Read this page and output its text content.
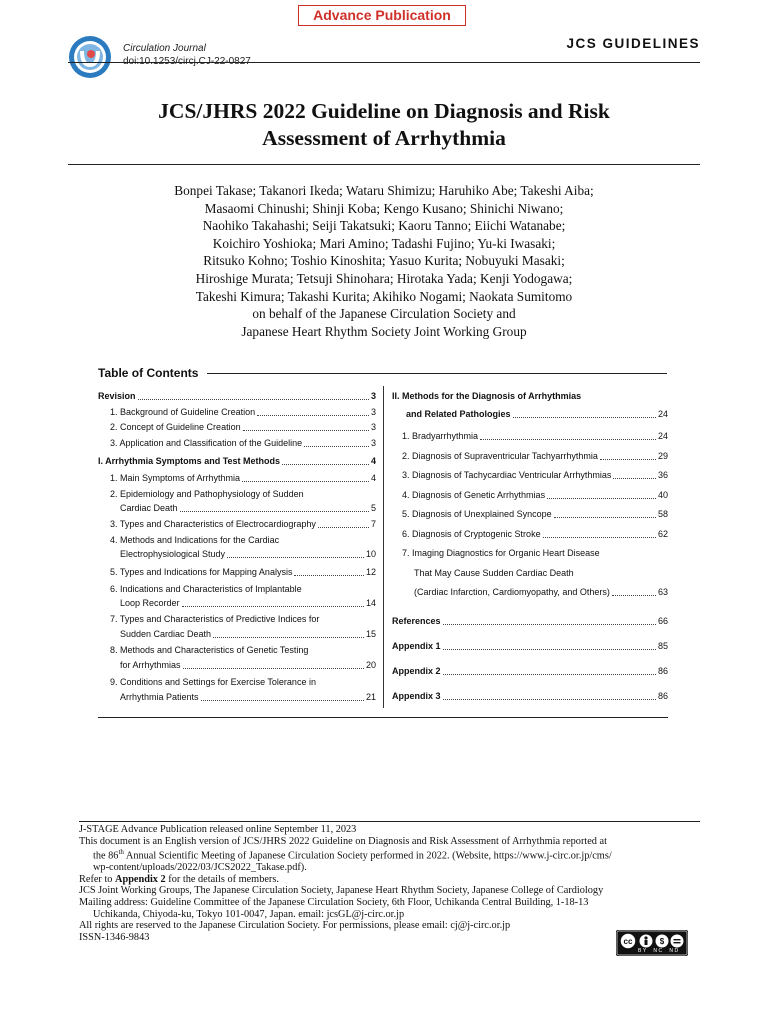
Advance Publication
Circulation Journal	JCS GUIDELINES
JCS/JHRS 2022 Guideline on Diagnosis and Risk
Assessment of Arrhythmia
Bonpei Takase; Takanori Ikeda; Wataru Shimizu; Haruhiko Abe; Takeshi Aiba;
Masaomi Chinushi; Shinji Koba; Kengo Kusano; Shinichi Niwano;
Naohiko Takahashi; Seiji Takatsuki; Kaoru Tanno; Eiichi Watanabe;
Koichiro Yoshioka; Mari Amino; Tadashi Fujino; Yu-ki Iwasaki;
Ritsuko Kohno; Toshio Kinoshita; Yasuo Kurita; Nobuyuki Masaki;
Hiroshige Murata; Tetsuji Shinohara; Hirotaka Yada; Kenji Yodogawa;
Takeshi Kimura; Takashi Kurita; Akihiko Nogami; Naokata Sumitomo
on behalf of the Japanese Circulation Society and
Japanese Heart Rhythm Society Joint Working Group
Table of Contents
Revision	3
1. Background of Guideline Creation	3
2. Concept of Guideline Creation	3
3. Application and Classification of the Guideline	3
I. Arrhythmia Symptoms and Test Methods	4
1. Main Symptoms of Arrhythmia	4
2. Epidemiology and Pathophysiology of Sudden
Cardiac Death	5
3. Types and Characteristics of Electrocardiography	7
4. Methods and Indications for the Cardiac
Electrophysiological Study	10
5. Types and Indications for Mapping Analysis	12
6. Indications and Characteristics of Implantable
Loop Recorder	14
7. Types and Characteristics of Predictive Indices for
Sudden Cardiac Death	15
8. Methods and Characteristics of Genetic Testing
for Arrhythmias	20
9. Conditions and Settings for Exercise Tolerance in
Arrhythmia Patients	21
II. Methods for the Diagnosis of Arrhythmias
and Related Pathologies	24
1. Bradyarrhythmia	24
2. Diagnosis of Supraventricular Tachyarrhythmia	29
3. Diagnosis of Tachycardiac Ventricular Arrhythmias	36
4. Diagnosis of Genetic Arrhythmias	40
5. Diagnosis of Unexplained Syncope	58
6. Diagnosis of Cryptogenic Stroke	62
7. Imaging Diagnostics for Organic Heart Disease
That May Cause Sudden Cardiac Death
(Cardiac Infarction, Cardiomyopathy, and Others)	63
References	66
Appendix 1	85
Appendix 2	86
Appendix 3	86

J-STAGE Advance Publication released online September 11, 2023

This document is an English version of JCS/JHRS 2022 Guideline on Diagnosis and Risk Assessment of Arrhythmia reported at

the 86th Annual Scientific Meeting of Japanese Circulation Society performed in 2022. (Website, https://www.j-circ.or.jp/cms/

wp-content/uploads/2022/03/JCS2022_Takase.pdf).

Refer to Appendix 2 for the details of members.

JCS Joint Working Groups, The Japanese Circulation Society, Japanese Heart Rhythm Society, Japanese College of Cardiology

Mailing address: Guideline Committee of the Japanese Circulation Society, 6th Floor, Uchikanda Central Building, 1-18-13

Uchikanda, Chiyoda-ku, Tokyo 101-0047, Japan. email: jcsGL@j-circ.or.jp

All rights are reserved to the Japanese Circulation Society. For permissions, please email: cj@j-circ.or.jp

ISSN-1346-9843	cc	$
BY  NC  ND
